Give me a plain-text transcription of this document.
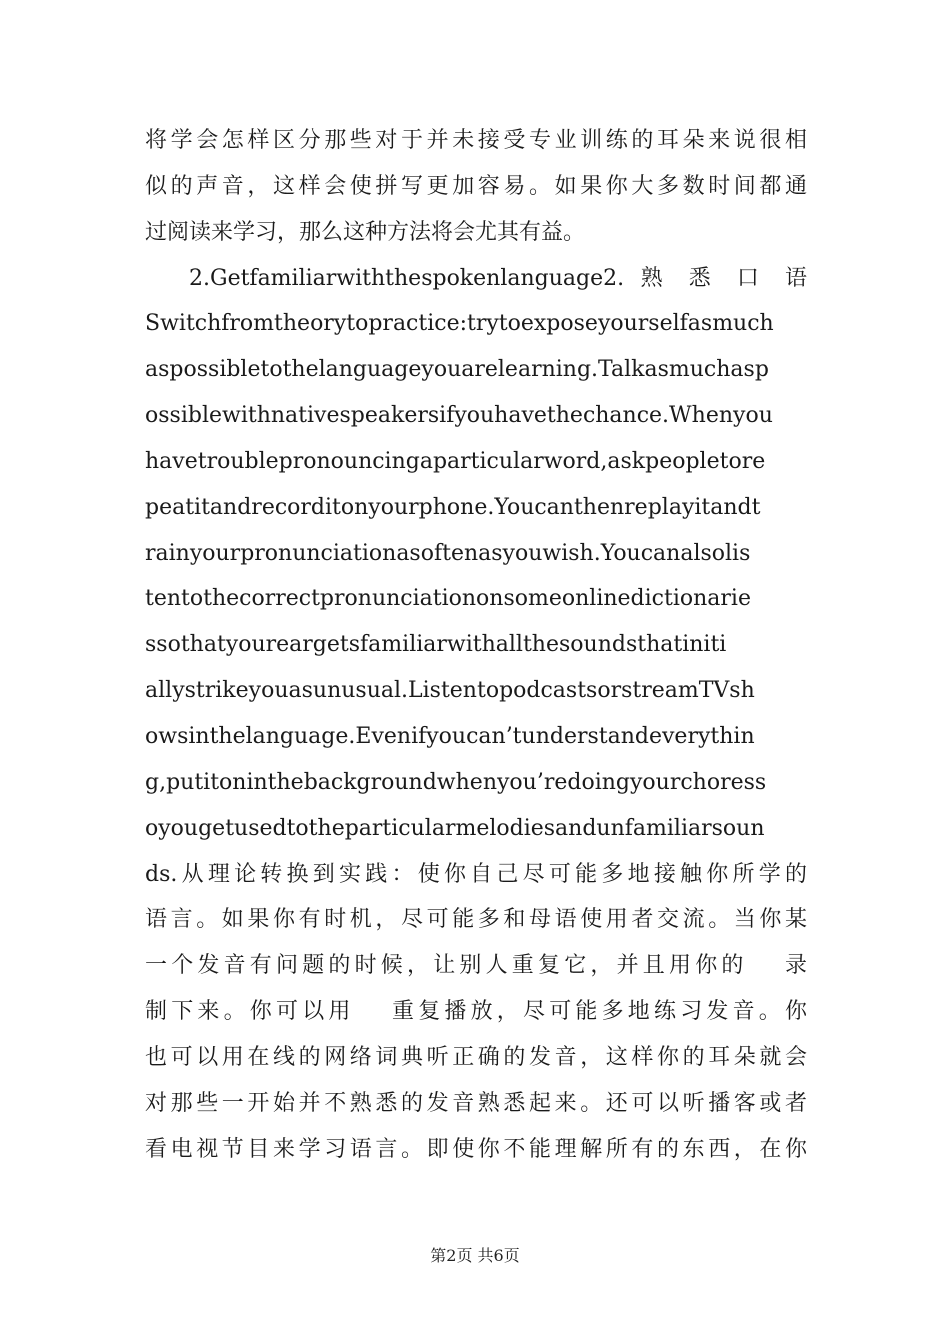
将学会怎样区分那些对于并未接受专业训练的耳朵来说很相
似的声音，这样会使拼写更加容易。如果你大多数时间都通
过阅读来学习，那么这种方法将会尤其有益。
2.Getfamiliarwiththespokenlanguage2. 熟 悉 口 语
Switchfromtheorytopractice:trytoexposeyourselfasmuch
aspossibletothelanguageyouarelearning.Talkasmuchasp
ossiblewithnativespeakersifyouhavethechance.Whenyou
havetroublepronouncingaparticularword,askpeopletore
peatitandrecorditonyourphone.Youcanthenreplayitandt
rainyourpronunciationasoftenasyouwish.Youcanalsolis
tentothecorrectpronunciationonsomeonlinedictionarie
ssothatyoureargetsfamiliarwithallthesoundsthatiniti
allystrikeyouasunusual.ListentopodcastsorstreamTVsh
owsinthelanguage.Evenifyoucan’tunderstandeverythin
g,putitoninthebackgroundwhenyou’redoingyourchoress
oyougetusedtotheparticularmelodiesandunfamiliarsoun
ds.从理论转换到实践：使你自己尽可能多地接触你所学的
语言。如果你有时机，尽可能多和母语使用者交流。当你某
一个发音有问题的时候，让别人重复它，并且用你的　 录
制下来。你可以用　 重复播放，尽可能多地练习发音。你
也可以用在线的网络词典听正确的发音，这样你的耳朵就会
对那些一开始并不熟悉的发音熟悉起来。还可以听播客或者
看电视节目来学习语言。即使你不能理解所有的东西，在你

第2页 共6页
